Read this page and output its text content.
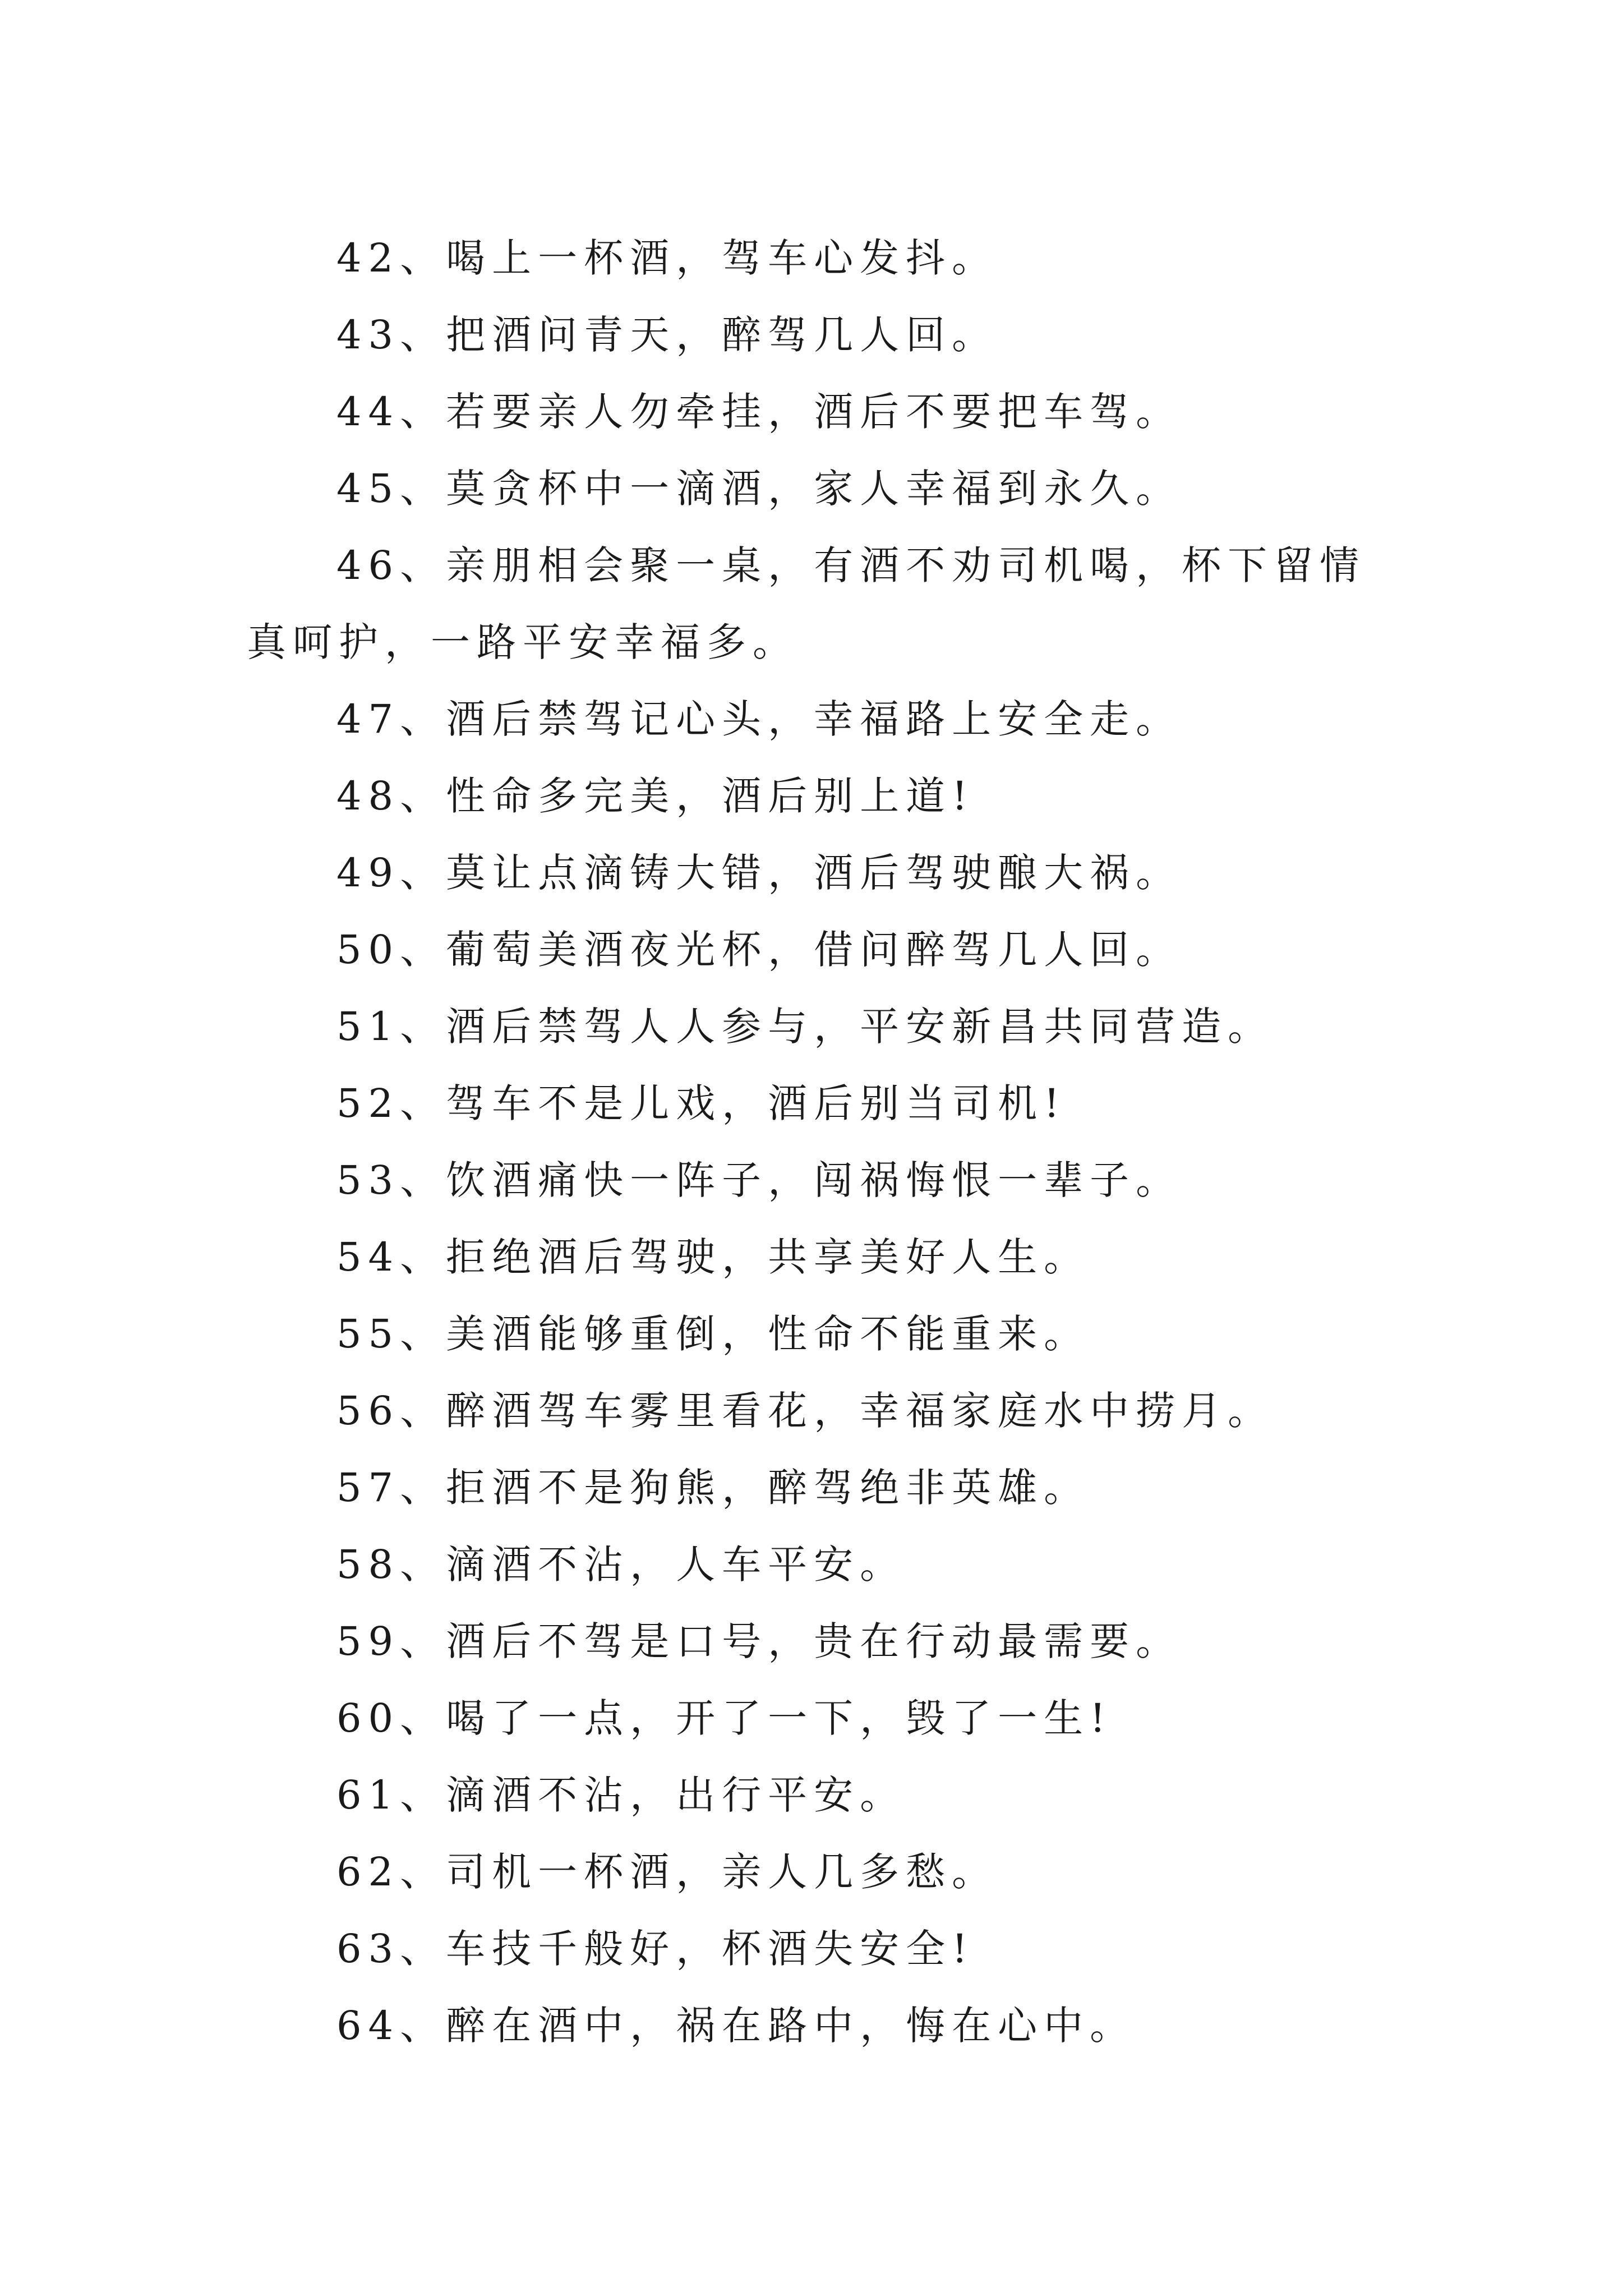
42、喝上一杯酒，驾车心发抖。

43、把酒问青天，醉驾几人回。

44、若要亲人勿牵挂，酒后不要把车驾。

45、莫贪杯中一滴酒，家人幸福到永久。

46、亲朋相会聚一桌，有酒不劝司机喝，杯下留情真呵护，一路平安幸福多。

47、酒后禁驾记心头，幸福路上安全走。

48、性命多完美，酒后别上道!

49、莫让点滴铸大错，酒后驾驶酿大祸。

50、葡萄美酒夜光杯，借问醉驾几人回。

51、酒后禁驾人人参与，平安新昌共同营造。

52、驾车不是儿戏，酒后别当司机!

53、饮酒痛快一阵子，闯祸悔恨一辈子。

54、拒绝酒后驾驶，共享美好人生。

55、美酒能够重倒，性命不能重来。

56、醉酒驾车雾里看花，幸福家庭水中捞月。

57、拒酒不是狗熊，醉驾绝非英雄。

58、滴酒不沾，人车平安。

59、酒后不驾是口号，贵在行动最需要。

60、喝了一点，开了一下，毁了一生!

61、滴酒不沾，出行平安。

62、司机一杯酒，亲人几多愁。

63、车技千般好，杯酒失安全!

64、醉在酒中，祸在路中，悔在心中。
